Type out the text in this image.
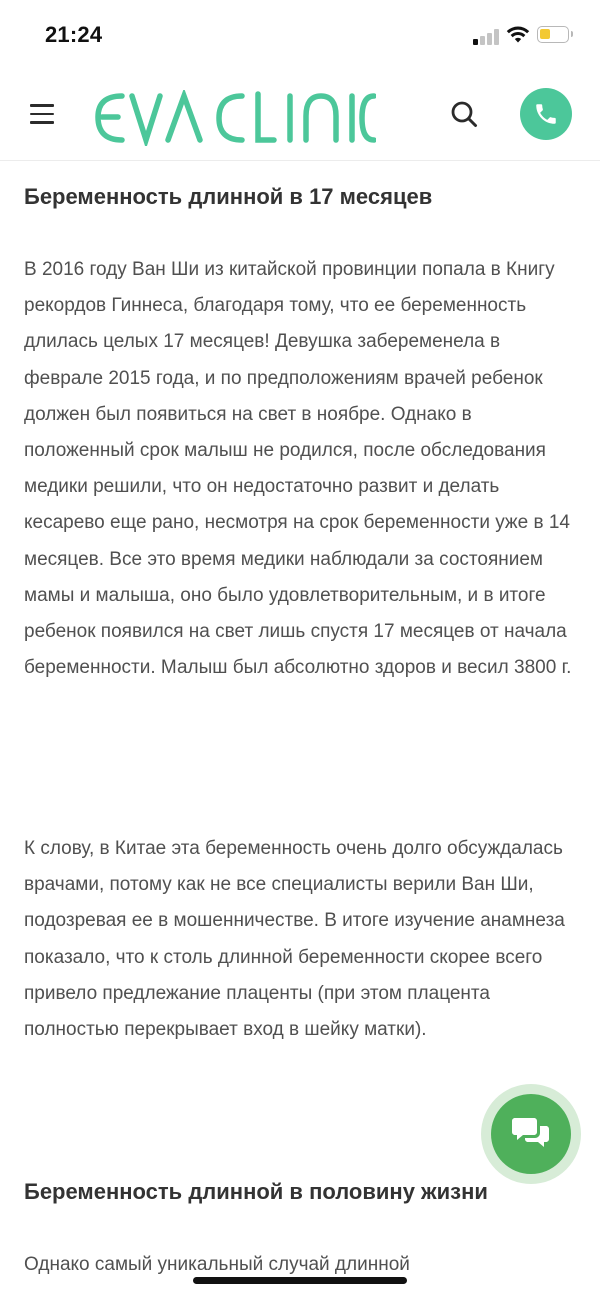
21:24
Беременность длинной в 17 месяцев

В 2016 году Ван Ши из китайской провинции попала в Книгу рекордов Гиннеса, благодаря тому, что ее беременность длилась целых 17 месяцев! Девушка забеременела в феврале 2015 года, и по предположениям врачей ребенок должен был появиться на свет в ноябре. Однако в положенный срок малыш не родился, после обследования медики решили, что он недостаточно развит и делать кесарево еще рано, несмотря на срок беременности уже в 14 месяцев. Все это время медики наблюдали за состоянием мамы и малыша, оно было удовлетворительным, и в итоге ребенок появился на свет лишь спустя 17 месяцев от начала беременности. Малыш был абсолютно здоров и весил 3800 г.

К слову, в Китае эта беременность очень долго обсуждалась врачами, потому как не все специалисты верили Ван Ши, подозревая ее в мошенничестве. В итоге изучение анамнеза показало, что к столь длинной беременности скорее всего привело предлежание плаценты (при этом плацента полностью перекрывает вход в шейку матки).

Беременность длинной в половину жизни

Однако самый уникальный случай длинной
